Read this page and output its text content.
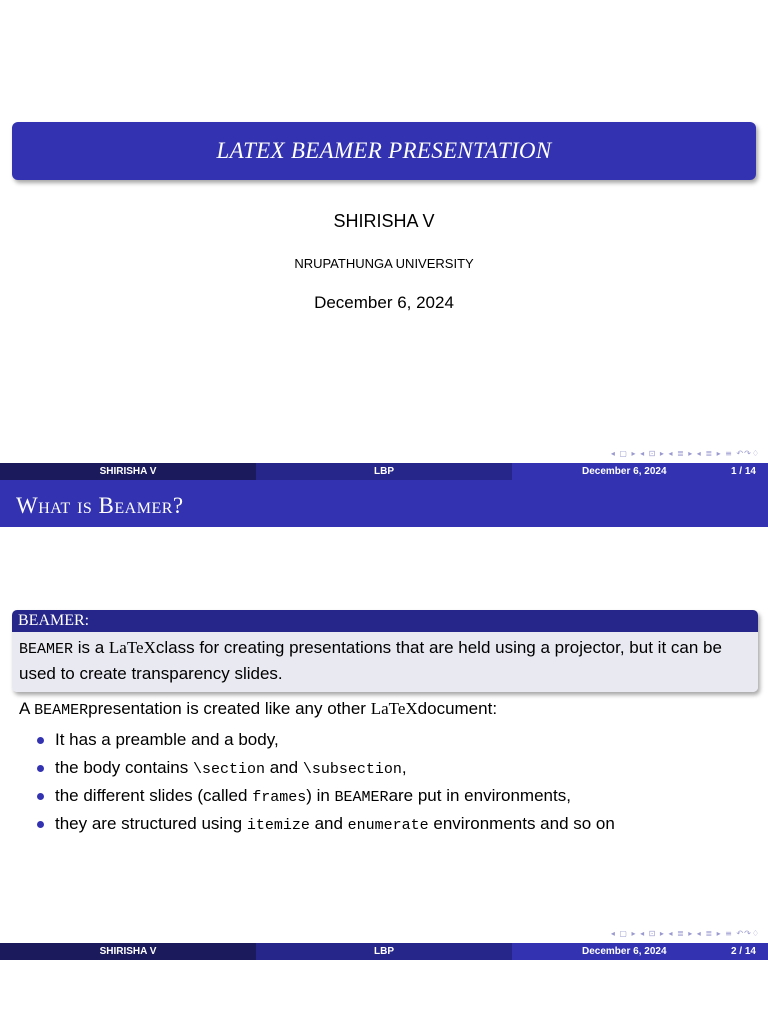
LATEX BEAMER PRESENTATION
SHIRISHA V
NRUPATHUNGA UNIVERSITY
December 6, 2024
◂ ▢ ▸ ◂ ⊡ ▸ ◂ ≣ ▸ ◂ ≣ ▸ ≡ ↶↷♢
SHIRISHA V	LBP	December 6, 2024	1 / 14
What is Beamer?
BEAMER:
BEAMER is a LaTeXclass for creating presentations that are held using a projector, but it can be used to create transparency slides.
A BEAMERpresentation is created like any other LaTeXdocument:
It has a preamble and a body,
the body contains \section and \subsection,
the different slides (called frames) in BEAMERare put in environments,
they are structured using itemize and enumerate environments and so on
◂ ▢ ▸ ◂ ⊡ ▸ ◂ ≣ ▸ ◂ ≣ ▸ ≡ ↶↷♢
SHIRISHA V	LBP	December 6, 2024	2 / 14
